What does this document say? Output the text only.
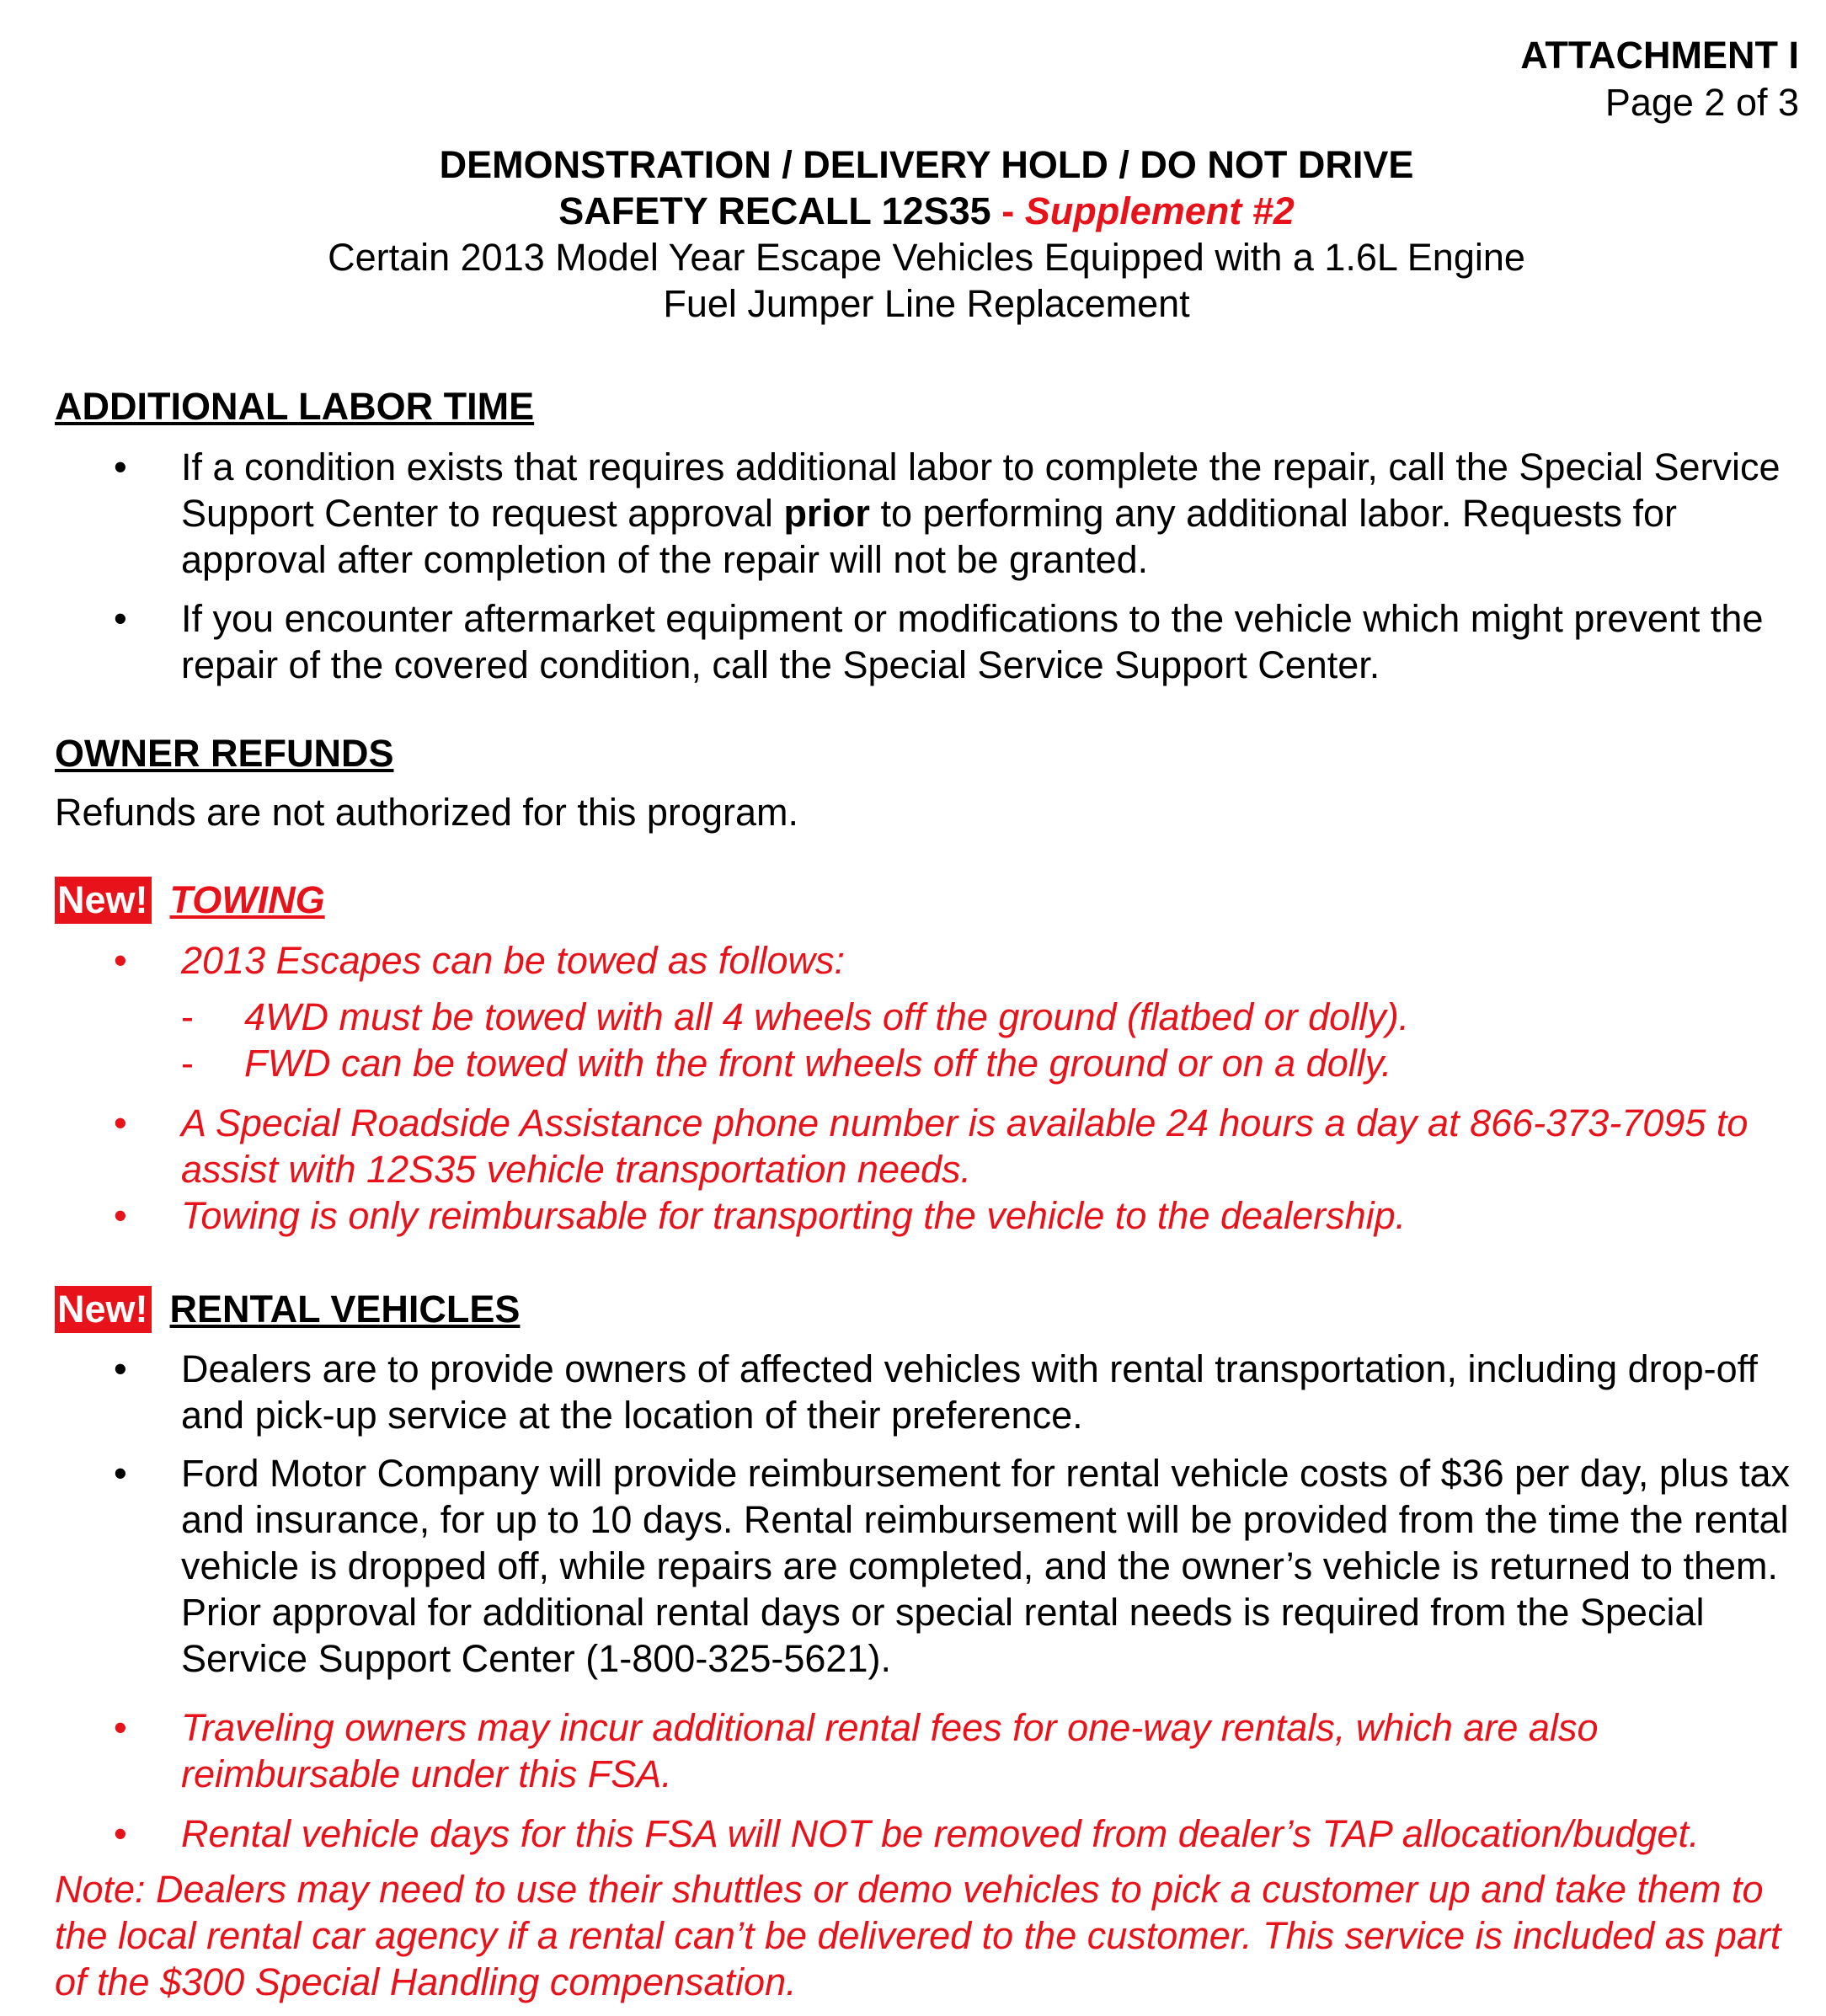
ATTACHMENT I
Page 2 of 3
DEMONSTRATION / DELIVERY HOLD / DO NOT DRIVE
SAFETY RECALL 12S35 - Supplement #2
Certain 2013 Model Year Escape Vehicles Equipped with a 1.6L Engine
Fuel Jumper Line Replacement
ADDITIONAL LABOR TIME
• If a condition exists that requires additional labor to complete the repair, call the Special Service Support Center to request approval prior to performing any additional labor. Requests for approval after completion of the repair will not be granted.
• If you encounter aftermarket equipment or modifications to the vehicle which might prevent the repair of the covered condition, call the Special Service Support Center.
OWNER REFUNDS
Refunds are not authorized for this program.
New! TOWING
• 2013 Escapes can be towed as follows:
- 4WD must be towed with all 4 wheels off the ground (flatbed or dolly).
- FWD can be towed with the front wheels off the ground or on a dolly.
• A Special Roadside Assistance phone number is available 24 hours a day at 866-373-7095 to assist with 12S35 vehicle transportation needs.
• Towing is only reimbursable for transporting the vehicle to the dealership.
New! RENTAL VEHICLES
• Dealers are to provide owners of affected vehicles with rental transportation, including drop-off and pick-up service at the location of their preference.
• Ford Motor Company will provide reimbursement for rental vehicle costs of $36 per day, plus tax and insurance, for up to 10 days. Rental reimbursement will be provided from the time the rental vehicle is dropped off, while repairs are completed, and the owner’s vehicle is returned to them. Prior approval for additional rental days or special rental needs is required from the Special Service Support Center (1-800-325-5621).
• Traveling owners may incur additional rental fees for one-way rentals, which are also reimbursable under this FSA.
• Rental vehicle days for this FSA will NOT be removed from dealer’s TAP allocation/budget.
Note: Dealers may need to use their shuttles or demo vehicles to pick a customer up and take them to the local rental car agency if a rental can’t be delivered to the customer. This service is included as part of the $300 Special Handling compensation.
